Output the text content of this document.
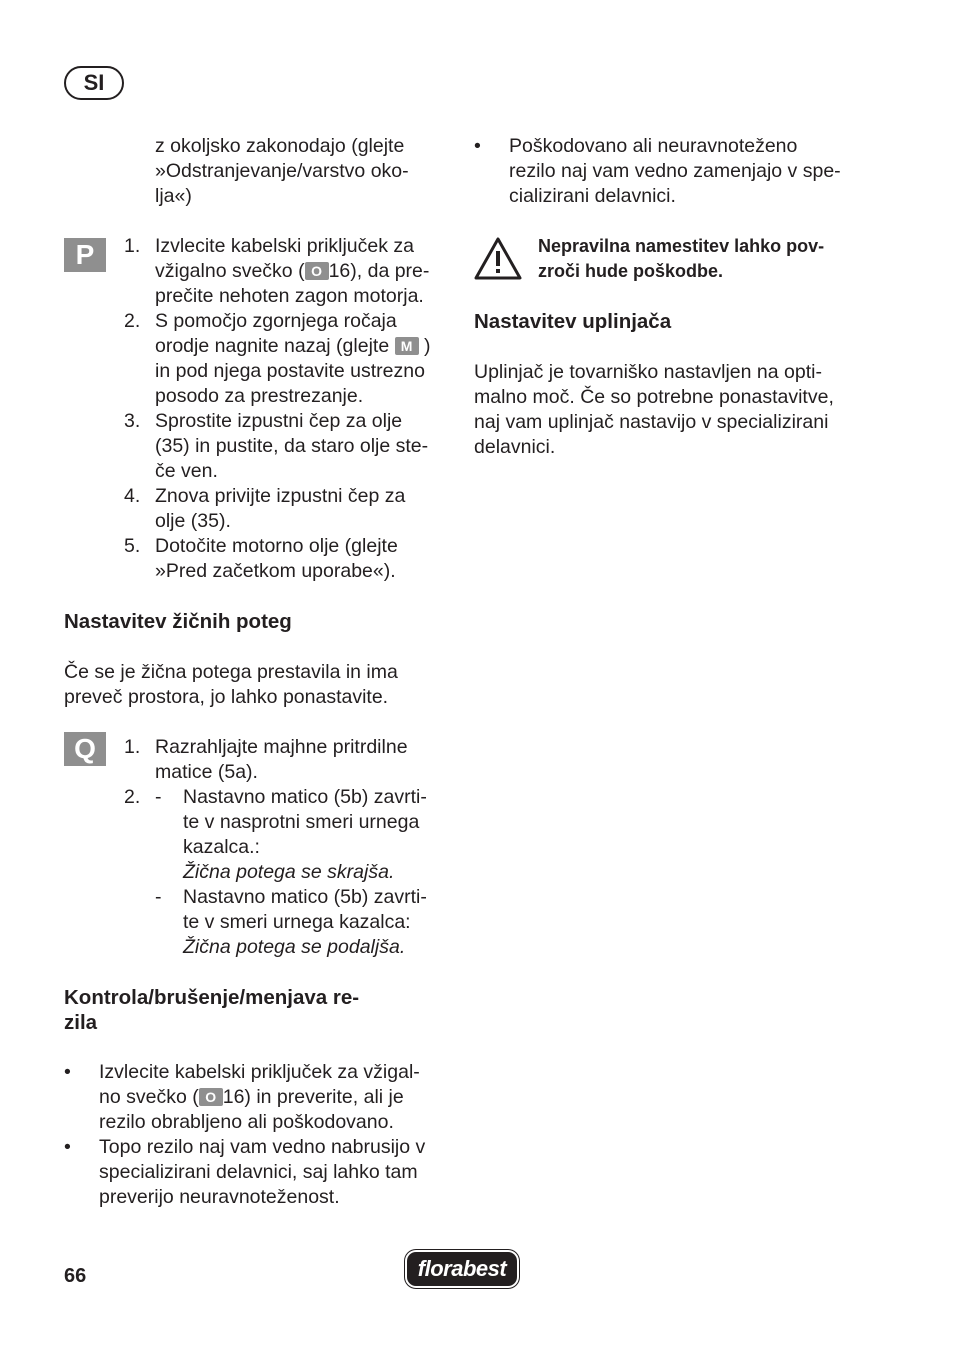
SI
z okoljsko zakonodajo (glejte
»Odstranjevanje/varstvo oko-
lja«)
P	1. Izvlecite kabelski priključek za
vžigalno svečko ( O 16), da pre-
prečite nehoten zagon motorja.
2. S pomočjo zgornjega ročaja
orodje nagnite nazaj (glejte M )
in pod njega postavite ustrezno
posodo za prestrezanje.
3. Sprostite izpustni čep za olje
(35) in pustite, da staro olje ste-
če ven.
4. Znova privijte izpustni čep za
olje (35).
5. Dotočite motorno olje (glejte
»Pred začetkom uporabe«).
Nastavitev žičnih poteg
Če se je žična potega prestavila in ima
preveč prostora, jo lahko ponastavite.
Q	1. Razrahljajte majhne pritrdilne
matice (5a).
2. - Nastavno matico (5b) zavrti-
te v nasprotni smeri urnega
kazalca.:
Žična potega se skrajša.
- Nastavno matico (5b) zavrti-
te v smeri urnega kazalca:
Žična potega se podaljša.
Kontrola/brušenje/menjava re-
zila
• Izvlecite kabelski priključek za vžigal-
no svečko ( O 16) in preverite, ali je
rezilo obrabljeno ali poškodovano.
• Topo rezilo naj vam vedno nabrusijo v
specializirani delavnici, saj lahko tam
preverijo neuravnoteženost.
• Poškodovano ali neuravnoteženo
rezilo naj vam vedno zamenjajo v spe-
cializirani delavnici.
Nepravilna namestitev lahko pov-
zroči hude poškodbe.
Nastavitev uplinjača
Uplinjač je tovarniško nastavljen na opti-
malno moč. Če so potrebne ponastavitve,
naj vam uplinjač nastavijo v specializirani
delavnici.
66	florabest
